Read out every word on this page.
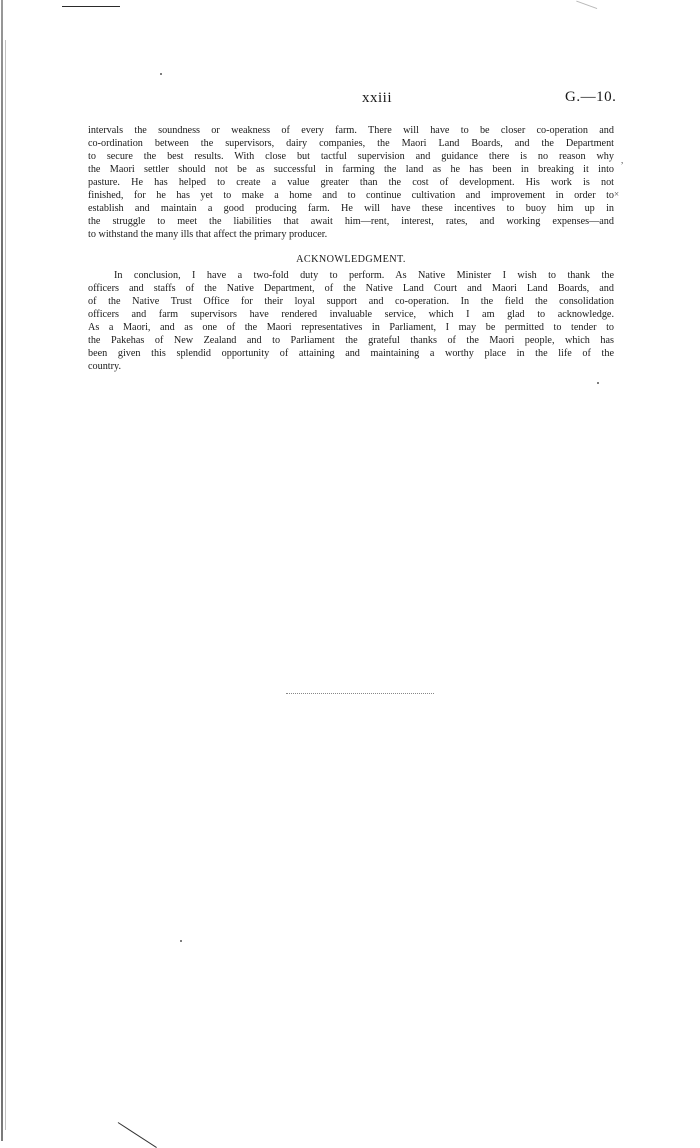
,
×
xxiii	G.—10.
intervals the soundness or weakness of every farm. There will have to be closer co-operation and
co-ordination between the supervisors, dairy companies, the Maori Land Boards, and the Department
to secure the best results. With close but tactful supervision and guidance there is no reason why
the Maori settler should not be as successful in farming the land as he has been in breaking it into
pasture. He has helped to create a value greater than the cost of development. His work is not
finished, for he has yet to make a home and to continue cultivation and improvement in order to
establish and maintain a good producing farm. He will have these incentives to buoy him up in
the struggle to meet the liabilities that await him—rent, interest, rates, and working expenses—and
to withstand the many ills that affect the primary producer.
ACKNOWLEDGMENT.
In conclusion, I have a two-fold duty to perform. As Native Minister I wish to thank the
officers and staffs of the Native Department, of the Native Land Court and Maori Land Boards, and
of the Native Trust Office for their loyal support and co-operation. In the field the consolidation
officers and farm supervisors have rendered invaluable service, which I am glad to acknowledge.
As a Maori, and as one of the Maori representatives in Parliament, I may be permitted to tender to
the Pakehas of New Zealand and to Parliament the grateful thanks of the Maori people, which has
been given this splendid opportunity of attaining and maintaining a worthy place in the life of the
country.
